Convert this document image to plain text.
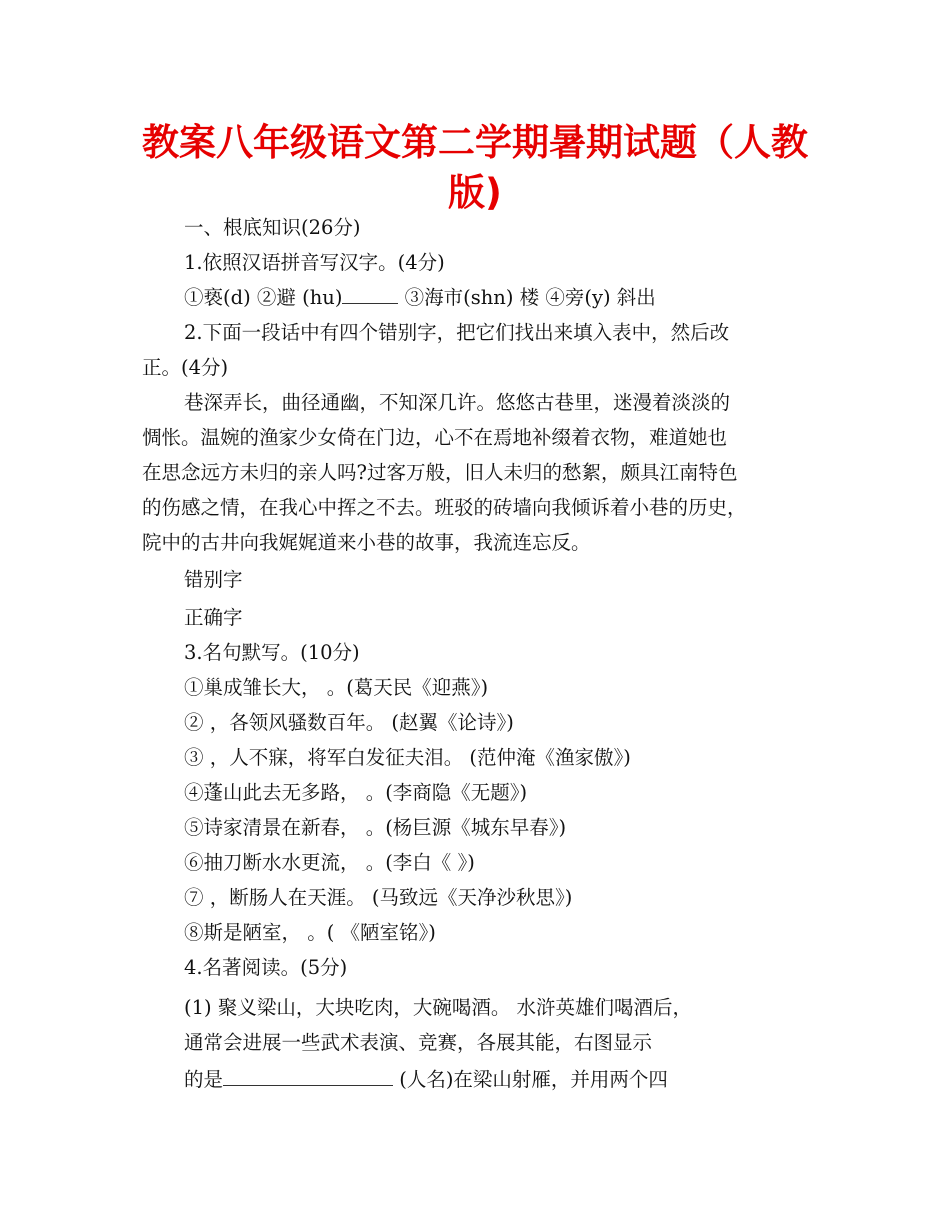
教案八年级语文第二学期暑期试题（人教
版)
一、根底知识(26分)
1.依照汉语拼音写汉字。(4分)
①亵(d) ②避 (hu)	③海市(shn) 楼 ④旁(y) 斜出
2.下面一段话中有四个错别字，把它们找出来填入表中，然后改
正。(4分)
巷深弄长，曲径通幽，不知深几许。悠悠古巷里，迷漫着淡淡的
惆怅。温婉的渔家少女倚在门边，心不在焉地补缀着衣物，难道她也
在思念远方未归的亲人吗?过客万般，旧人未归的愁絮，颇具江南特色
的伤感之情，在我心中挥之不去。班驳的砖墙向我倾诉着小巷的历史，
院中的古井向我娓娓道来小巷的故事，我流连忘反。
错别字
正确字
3.名句默写。(10分)
①巢成雏长大， 。(葛天民《迎燕》)
② ，各领风骚数百年。 (赵翼《论诗》)
③ ，人不寐，将军白发征夫泪。 (范仲淹《渔家傲》)
④蓬山此去无多路， 。(李商隐《无题》)
⑤诗家清景在新春， 。(杨巨源《城东早春》)
⑥抽刀断水水更流， 。(李白《 》)
⑦ ，断肠人在天涯。 (马致远《天净沙秋思》)
⑧斯是陋室， 。( 《陋室铭》)
4.名著阅读。(5分)
(1) 聚义梁山，大块吃肉，大碗喝酒。 水浒英雄们喝酒后，
通常会进展一些武术表演、竞赛，各展其能，右图显示
的是	(人名)在梁山射雁，并用两个四
